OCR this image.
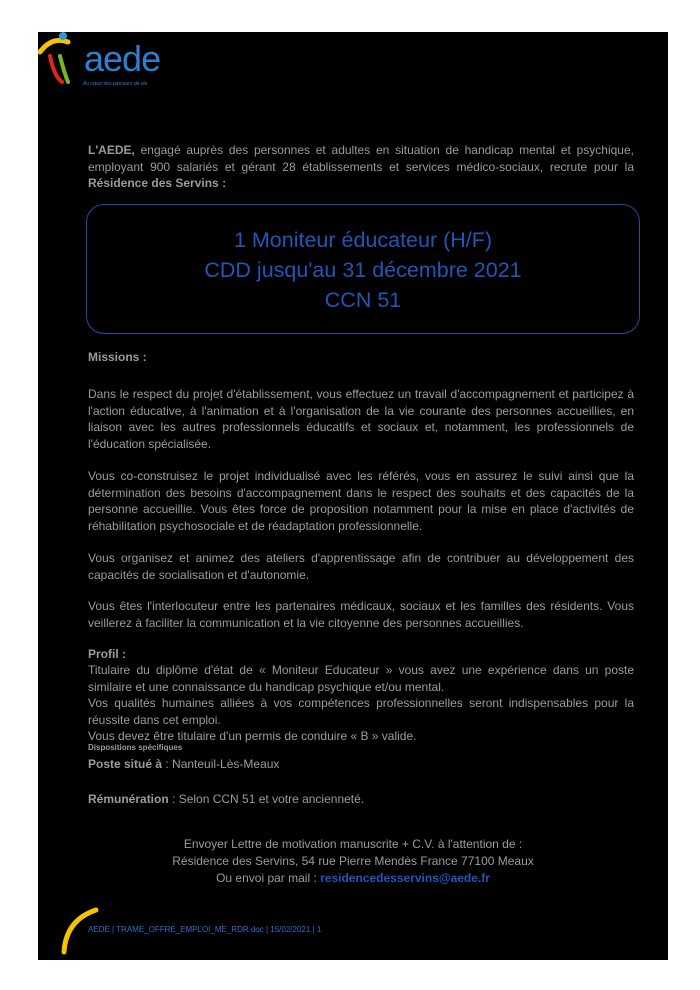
aede
Au cœur des parcours de vie
L'AEDE, engagé auprès des personnes et adultes en situation de handicap mental et psychique, employant 900 salariés et gérant 28 établissements et services médico-sociaux, recrute pour la Résidence des Servins :
1 Moniteur éducateur (H/F)
CDD jusqu'au 31 décembre 2021
CCN 51
Missions :
Dans le respect du projet d'établissement, vous effectuez un travail d'accompagnement et participez à l'action éducative, à l'animation et à l'organisation de la vie courante des personnes accueillies, en liaison avec les autres professionnels éducatifs et sociaux et, notamment, les professionnels de l'éducation spécialisée.
Vous co-construisez le projet individualisé avec les référés, vous en assurez le suivi ainsi que la détermination des besoins d'accompagnement dans le respect des souhaits et des capacités de la personne accueillie. Vous êtes force de proposition notamment pour la mise en place d'activités de réhabilitation psychosociale et de réadaptation professionnelle.
Vous organisez et animez des ateliers d'apprentissage afin de contribuer au développement des capacités de socialisation et d'autonomie.
Vous êtes l'interlocuteur entre les partenaires médicaux, sociaux et les familles des résidents. Vous veillerez à faciliter la communication et la vie citoyenne des personnes accueillies.
Profil :
Titulaire du diplôme d'état de « Moniteur Educateur » vous avez une expérience dans un poste similaire et une connaissance du handicap psychique et/ou mental.
Vos qualités humaines alliées à vos compétences professionnelles seront indispensables pour la réussite dans cet emploi.
Vous devez être titulaire d'un permis de conduire « B » valide.
Dispositions spécifiques
Poste situé à : Nanteuil-Lès-Meaux
Rémunération : Selon CCN 51 et votre ancienneté.
Envoyer Lettre de motivation manuscrite + C.V. à l'attention de :
Résidence des Servins, 54 rue Pierre Mendès France 77100 Meaux
Ou envoi par mail : residencedesservins@aede.fr
AEDE | TRAME_OFFRE_EMPLOI_ME_RDR.doc | 15/02/2021 | 1
